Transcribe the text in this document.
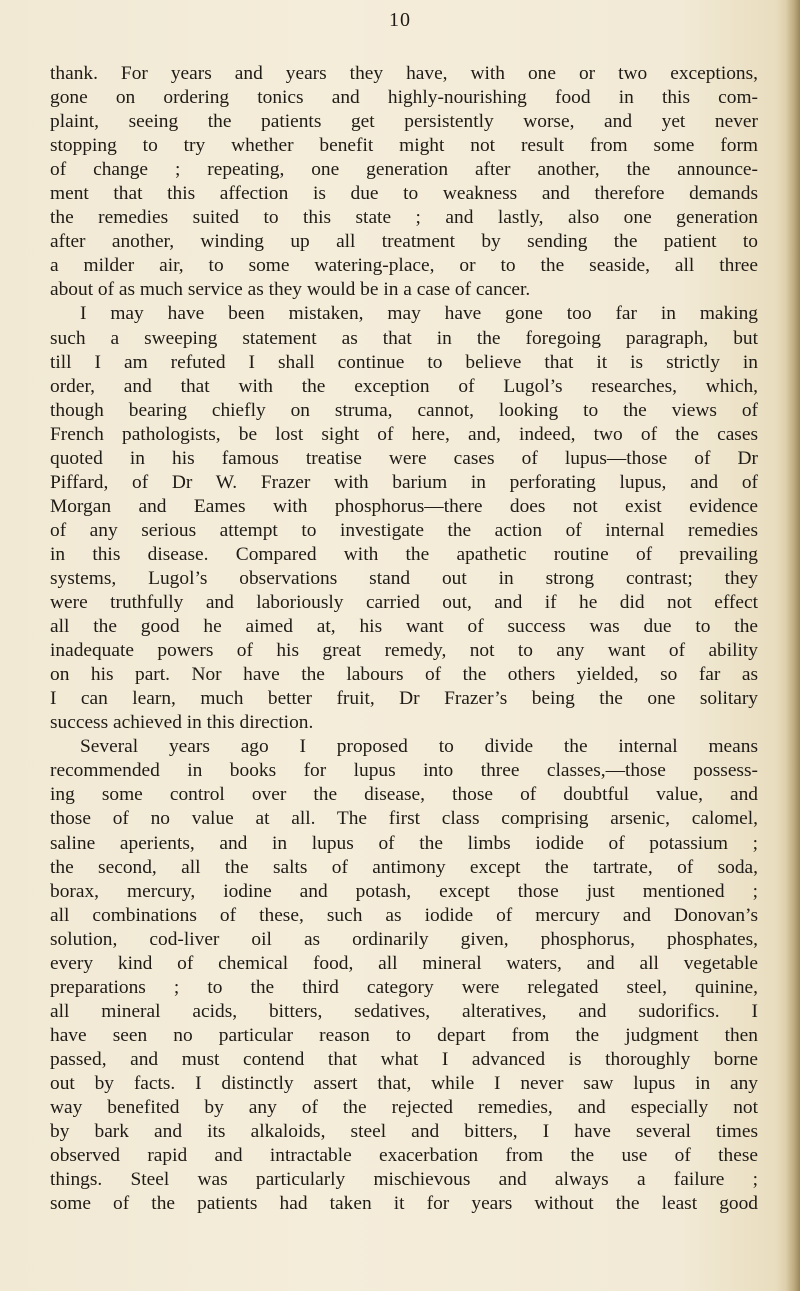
10
thank. For years and years they have, with one or two exceptions,
gone on ordering tonics and highly-nourishing food in this com-
plaint, seeing the patients get persistently worse, and yet never
stopping to try whether benefit might not result from some form
of change ; repeating, one generation after another, the announce-
ment that this affection is due to weakness and therefore demands
the remedies suited to this state ; and lastly, also one generation
after another, winding up all treatment by sending the patient to
a milder air, to some watering-place, or to the seaside, all three
about of as much service as they would be in a case of cancer.
I may have been mistaken, may have gone too far in making
such a sweeping statement as that in the foregoing paragraph, but
till I am refuted I shall continue to believe that it is strictly in
order, and that with the exception of Lugol’s researches, which,
though bearing chiefly on struma, cannot, looking to the views of
French pathologists, be lost sight of here, and, indeed, two of the cases
quoted in his famous treatise were cases of lupus—those of Dr
Piffard, of Dr W. Frazer with barium in perforating lupus, and of
Morgan and Eames with phosphorus—there does not exist evidence
of any serious attempt to investigate the action of internal remedies
in this disease. Compared with the apathetic routine of prevailing
systems, Lugol’s observations stand out in strong contrast; they
were truthfully and laboriously carried out, and if he did not effect
all the good he aimed at, his want of success was due to the
inadequate powers of his great remedy, not to any want of ability
on his part. Nor have the labours of the others yielded, so far as
I can learn, much better fruit, Dr Frazer’s being the one solitary
success achieved in this direction.
Several years ago I proposed to divide the internal means
recommended in books for lupus into three classes,—those possess-
ing some control over the disease, those of doubtful value, and
those of no value at all. The first class comprising arsenic, calomel,
saline aperients, and in lupus of the limbs iodide of potassium ;
the second, all the salts of antimony except the tartrate, of soda,
borax, mercury, iodine and potash, except those just mentioned ;
all combinations of these, such as iodide of mercury and Donovan’s
solution, cod-liver oil as ordinarily given, phosphorus, phosphates,
every kind of chemical food, all mineral waters, and all vegetable
preparations ; to the third category were relegated steel, quinine,
all mineral acids, bitters, sedatives, alteratives, and sudorifics. I
have seen no particular reason to depart from the judgment then
passed, and must contend that what I advanced is thoroughly borne
out by facts. I distinctly assert that, while I never saw lupus in any
way benefited by any of the rejected remedies, and especially not
by bark and its alkaloids, steel and bitters, I have several times
observed rapid and intractable exacerbation from the use of these
things. Steel was particularly mischievous and always a failure ;
some of the patients had taken it for years without the least good
